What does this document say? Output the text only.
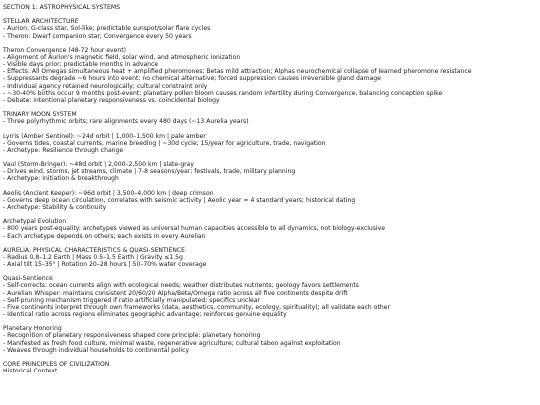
SECTION 1: ASTROPHYSICAL SYSTEMS
STELLAR ARCHITECTURE
- Aurion: G-class star, Sol-like; predictable sunspot/solar flare cycles
- Theron: Dwarf companion star; Convergence every 50 years
Theron Convergence (48-72 hour event)
- Alignment of Aurion's magnetic field, solar wind, and atmospheric ionization
- Visible days prior; predictable months in advance
- Effects: All Omegas simultaneous heat + amplified pheromones; Betas mild attraction; Alphas neurochemical collapse of learned pheromone resistance
- Suppressants degrade ~6 hours into event; no chemical alternative; forced suppression causes irreversible gland damage
- Individual agency retained neurologically; cultural constraint only
- ~30-40% births occur 9 months post-event; planetary pollen bloom causes random infertility during Convergence, balancing conception spike
- Debate: intentional planetary responsiveness vs. coincidental biology
TRINARY MOON SYSTEM
- Three polyrhythmic orbits; rare alignments every 480 days (~13 Aurelia years)
Lyrris (Amber Sentinel): ~24d orbit | 1,000–1,500 km | pale amber
- Governs tides, coastal currents, marine breeding | ~30d cycle; 15/year for agriculture, trade, navigation
- Archetype: Resilience through change
Vaul (Storm-Bringer): ~48d orbit | 2,000–2,500 km | slate-gray
- Drives wind, storms, jet streams, climate | 7-8 seasons/year; festivals, trade, military planning
- Archetype: Initiation & breakthrough
Aeolis (Ancient Keeper): ~96d orbit | 3,500–4,000 km | deep crimson
- Governs deep ocean circulation, correlates with seismic activity | Aeolic year ≈ 4 standard years; historical dating
- Archetype: Stability & continuity
Archetypal Evolution
- 800 years post-equality: archetypes viewed as universal human capacities accessible to all dynamics, not biology-exclusive
- Each archetype depends on others; each exists in every Aurelian
AURELIA: PHYSICAL CHARACTERISTICS & QUASI-SENTIENCE
- Radius 0.8–1.2 Earth | Mass 0.5–1.5 Earth | Gravity ≤1.5g
- Axial tilt 15–35° | Rotation 20–28 hours | 50–70% water coverage
Quasi-Sentience
- Self-corrects: ocean currents align with ecological needs; weather distributes nutrients; geology favors settlements
- Aurelian Whisper: maintains consistent 20/60/20 Alpha/Beta/Omega ratio across all five continents despite drift
- Self-pruning mechanism triggered if ratio artificially manipulated; specifics unclear
- Five continents interpret through own frameworks (data, aesthetics, community, ecology, spirituality); all validate each other
- Identical ratio across regions eliminates geographic advantage; reinforces genuine equality
Planetary Honoring
- Recognition of planetary responsiveness shaped core principle: planetary honoring
- Manifested as fresh food culture, minimal waste, regenerative agriculture; cultural taboo against exploitation
- Weaves through individual households to continental policy
CORE PRINCIPLES OF CIVILIZATION
Historical Context
